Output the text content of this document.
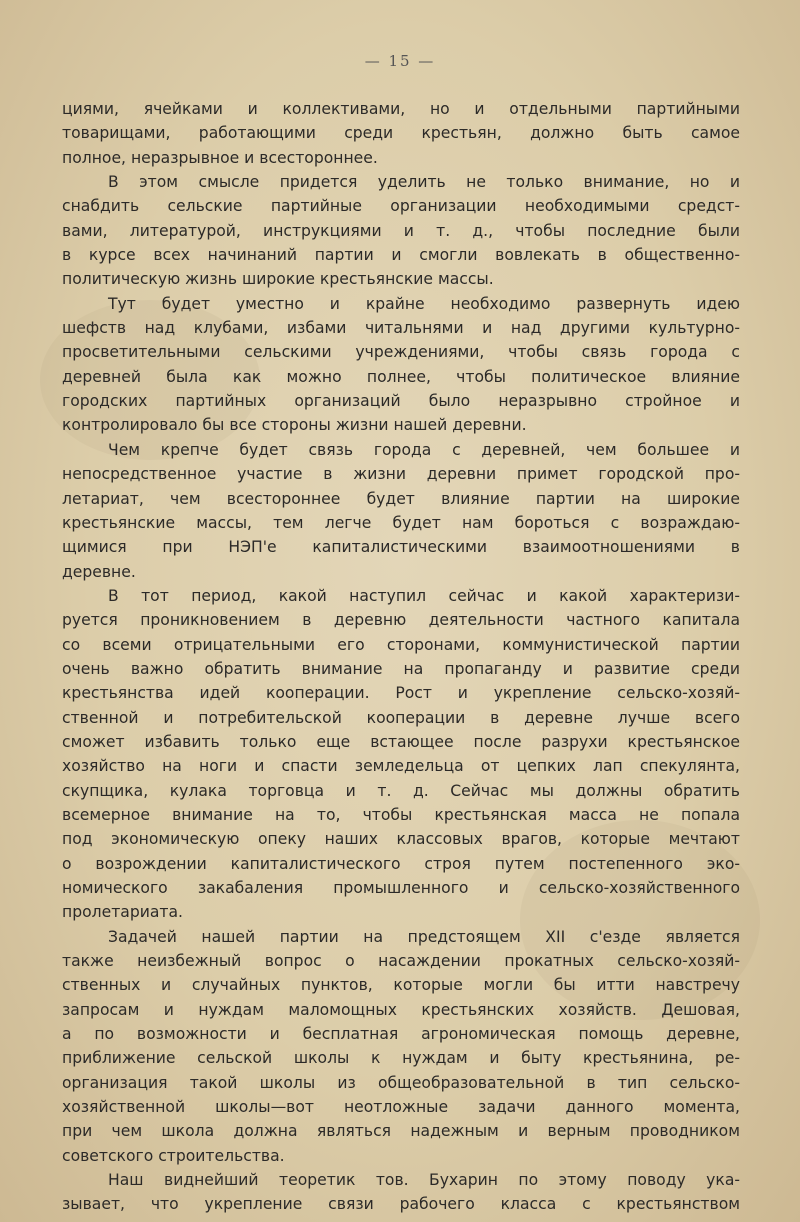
— 15 —
циями, ячейками и коллективами, но и отдельными партийными
товарищами, работающими среди крестьян, должно быть самое
полное, неразрывное и всестороннее.
В этом смысле придется уделить не только внимание, но и
снабдить сельские партийные организации необходимыми средст-
вами, литературой, инструкциями и т. д., чтобы последние были
в курсе всех начинаний партии и смогли вовлекать в общественно-
политическую жизнь широкие крестьянские массы.
Тут будет уместно и крайне необходимо развернуть идею
шефств над клубами, избами читальнями и над другими культурно-
просветительными сельскими учреждениями, чтобы связь города с
деревней была как можно полнее, чтобы политическое влияние
городских партийных организаций было неразрывно стройное и
контролировало бы все стороны жизни нашей деревни.
Чем крепче будет связь города с деревней, чем большее и
непосредственное участие в жизни деревни примет городской про-
летариат, чем всестороннее будет влияние партии на широкие
крестьянские массы, тем легче будет нам бороться с возраждаю-
щимися при НЭП'е капиталистическими взаимоотношениями в
деревне.
В тот период, какой наступил сейчас и какой характеризи-
руется проникновением в деревню деятельности частного капитала
со всеми отрицательными его сторонами, коммунистической партии
очень важно обратить внимание на пропаганду и развитие среди
крестьянства идей кооперации. Рост и укрепление сельско-хозяй-
ственной и потребительской кооперации в деревне лучше всего
сможет избавить только еще встающее после разрухи крестьянское
хозяйство на ноги и спасти земледельца от цепких лап спекулянта,
скупщика, кулака торговца и т. д. Сейчас мы должны обратить
всемерное внимание на то, чтобы крестьянская масса не попала
под экономическую опеку наших классовых врагов, которые мечтают
о возрождении капиталистического строя путем постепенного эко-
номического закабаления промышленного и сельско-хозяйственного
пролетариата.
Задачей нашей партии на предстоящем XII с'езде является
также неизбежный вопрос о насаждении прокатных сельско-хозяй-
ственных и случайных пунктов, которые могли бы итти навстречу
запросам и нуждам маломощных крестьянских хозяйств. Дешовая,
а по возможности и бесплатная агрономическая помощь деревне,
приближение сельской школы к нуждам и быту крестьянина, ре-
организация такой школы из общеобразовательной в тип сельско-
хозяйственной школы—вот неотложные задачи данного момента,
при чем школа должна являться надежным и верным проводником
советского строительства.
Наш виднейший теоретик тов. Бухарин по этому поводу ука-
зывает, что укрепление связи рабочего класса с крестьянством
